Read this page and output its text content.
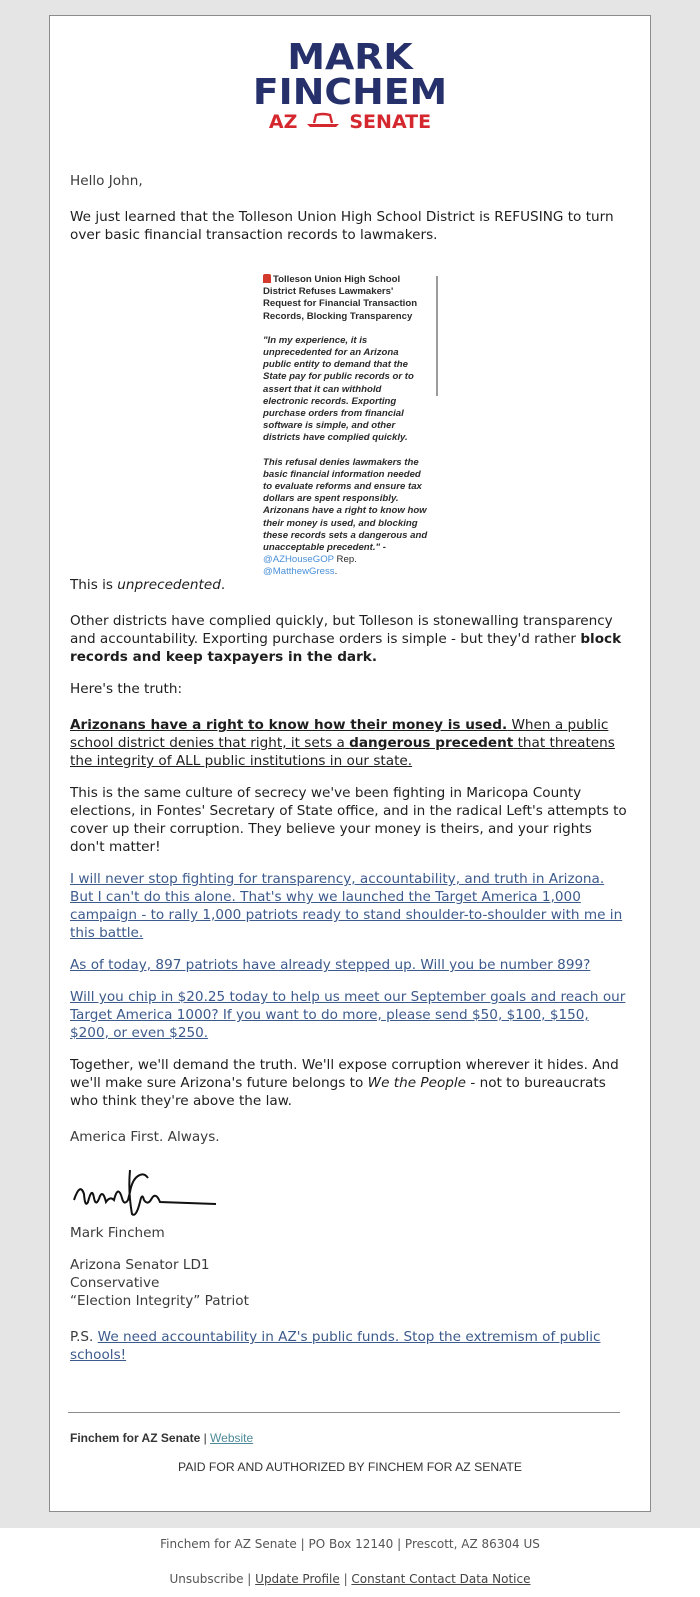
MARK
FINCHEM
AZ	SENATE

Hello John,

We just learned that the Tolleson Union High School District is REFUSING to turn over basic financial transaction records to lawmakers.

Tolleson Union High School District Refuses Lawmakers' Request for Financial Transaction Records, Blocking Transparency
"In my experience, it is unprecedented for an Arizona public entity to demand that the State pay for public records or to assert that it can withhold electronic records. Exporting purchase orders from financial software is simple, and other districts have complied quickly.
This refusal denies lawmakers the basic financial information needed to evaluate reforms and ensure tax dollars are spent responsibly. Arizonans have a right to know how their money is used, and blocking these records sets a dangerous and unacceptable precedent." -@AZHouseGOP Rep. @MatthewGress.

This is unprecedented.

Other districts have complied quickly, but Tolleson is stonewalling transparency and accountability. Exporting purchase orders is simple - but they'd rather block records and keep taxpayers in the dark.

Here's the truth:

Arizonans have a right to know how their money is used. When a public school district denies that right, it sets a dangerous precedent that threatens the integrity of ALL public institutions in our state.

This is the same culture of secrecy we've been fighting in Maricopa County elections, in Fontes' Secretary of State office, and in the radical Left's attempts to cover up their corruption. They believe your money is theirs, and your rights don't matter!

I will never stop fighting for transparency, accountability, and truth in Arizona. But I can't do this alone. That's why we launched the Target America 1,000 campaign - to rally 1,000 patriots ready to stand shoulder-to-shoulder with me in this battle.

As of today, 897 patriots have already stepped up. Will you be number 899?

Will you chip in $20.25 today to help us meet our September goals and reach our Target America 1000? If you want to do more, please send $50, $100, $150, $200, or even $250.

Together, we'll demand the truth. We'll expose corruption wherever it hides. And we'll make sure Arizona's future belongs to We the People - not to bureaucrats who think they're above the law.

America First. Always.

Mark Finchem

Arizona Senator LD1

Conservative

“Election Integrity” Patriot

P.S. We need accountability in AZ's public funds. Stop the extremism of public schools!

Finchem for AZ Senate | Website
PAID FOR AND AUTHORIZED BY FINCHEM FOR AZ SENATE
Finchem for AZ Senate | PO Box 12140 | Prescott, AZ 86304 US
Unsubscribe | Update Profile | Constant Contact Data Notice
